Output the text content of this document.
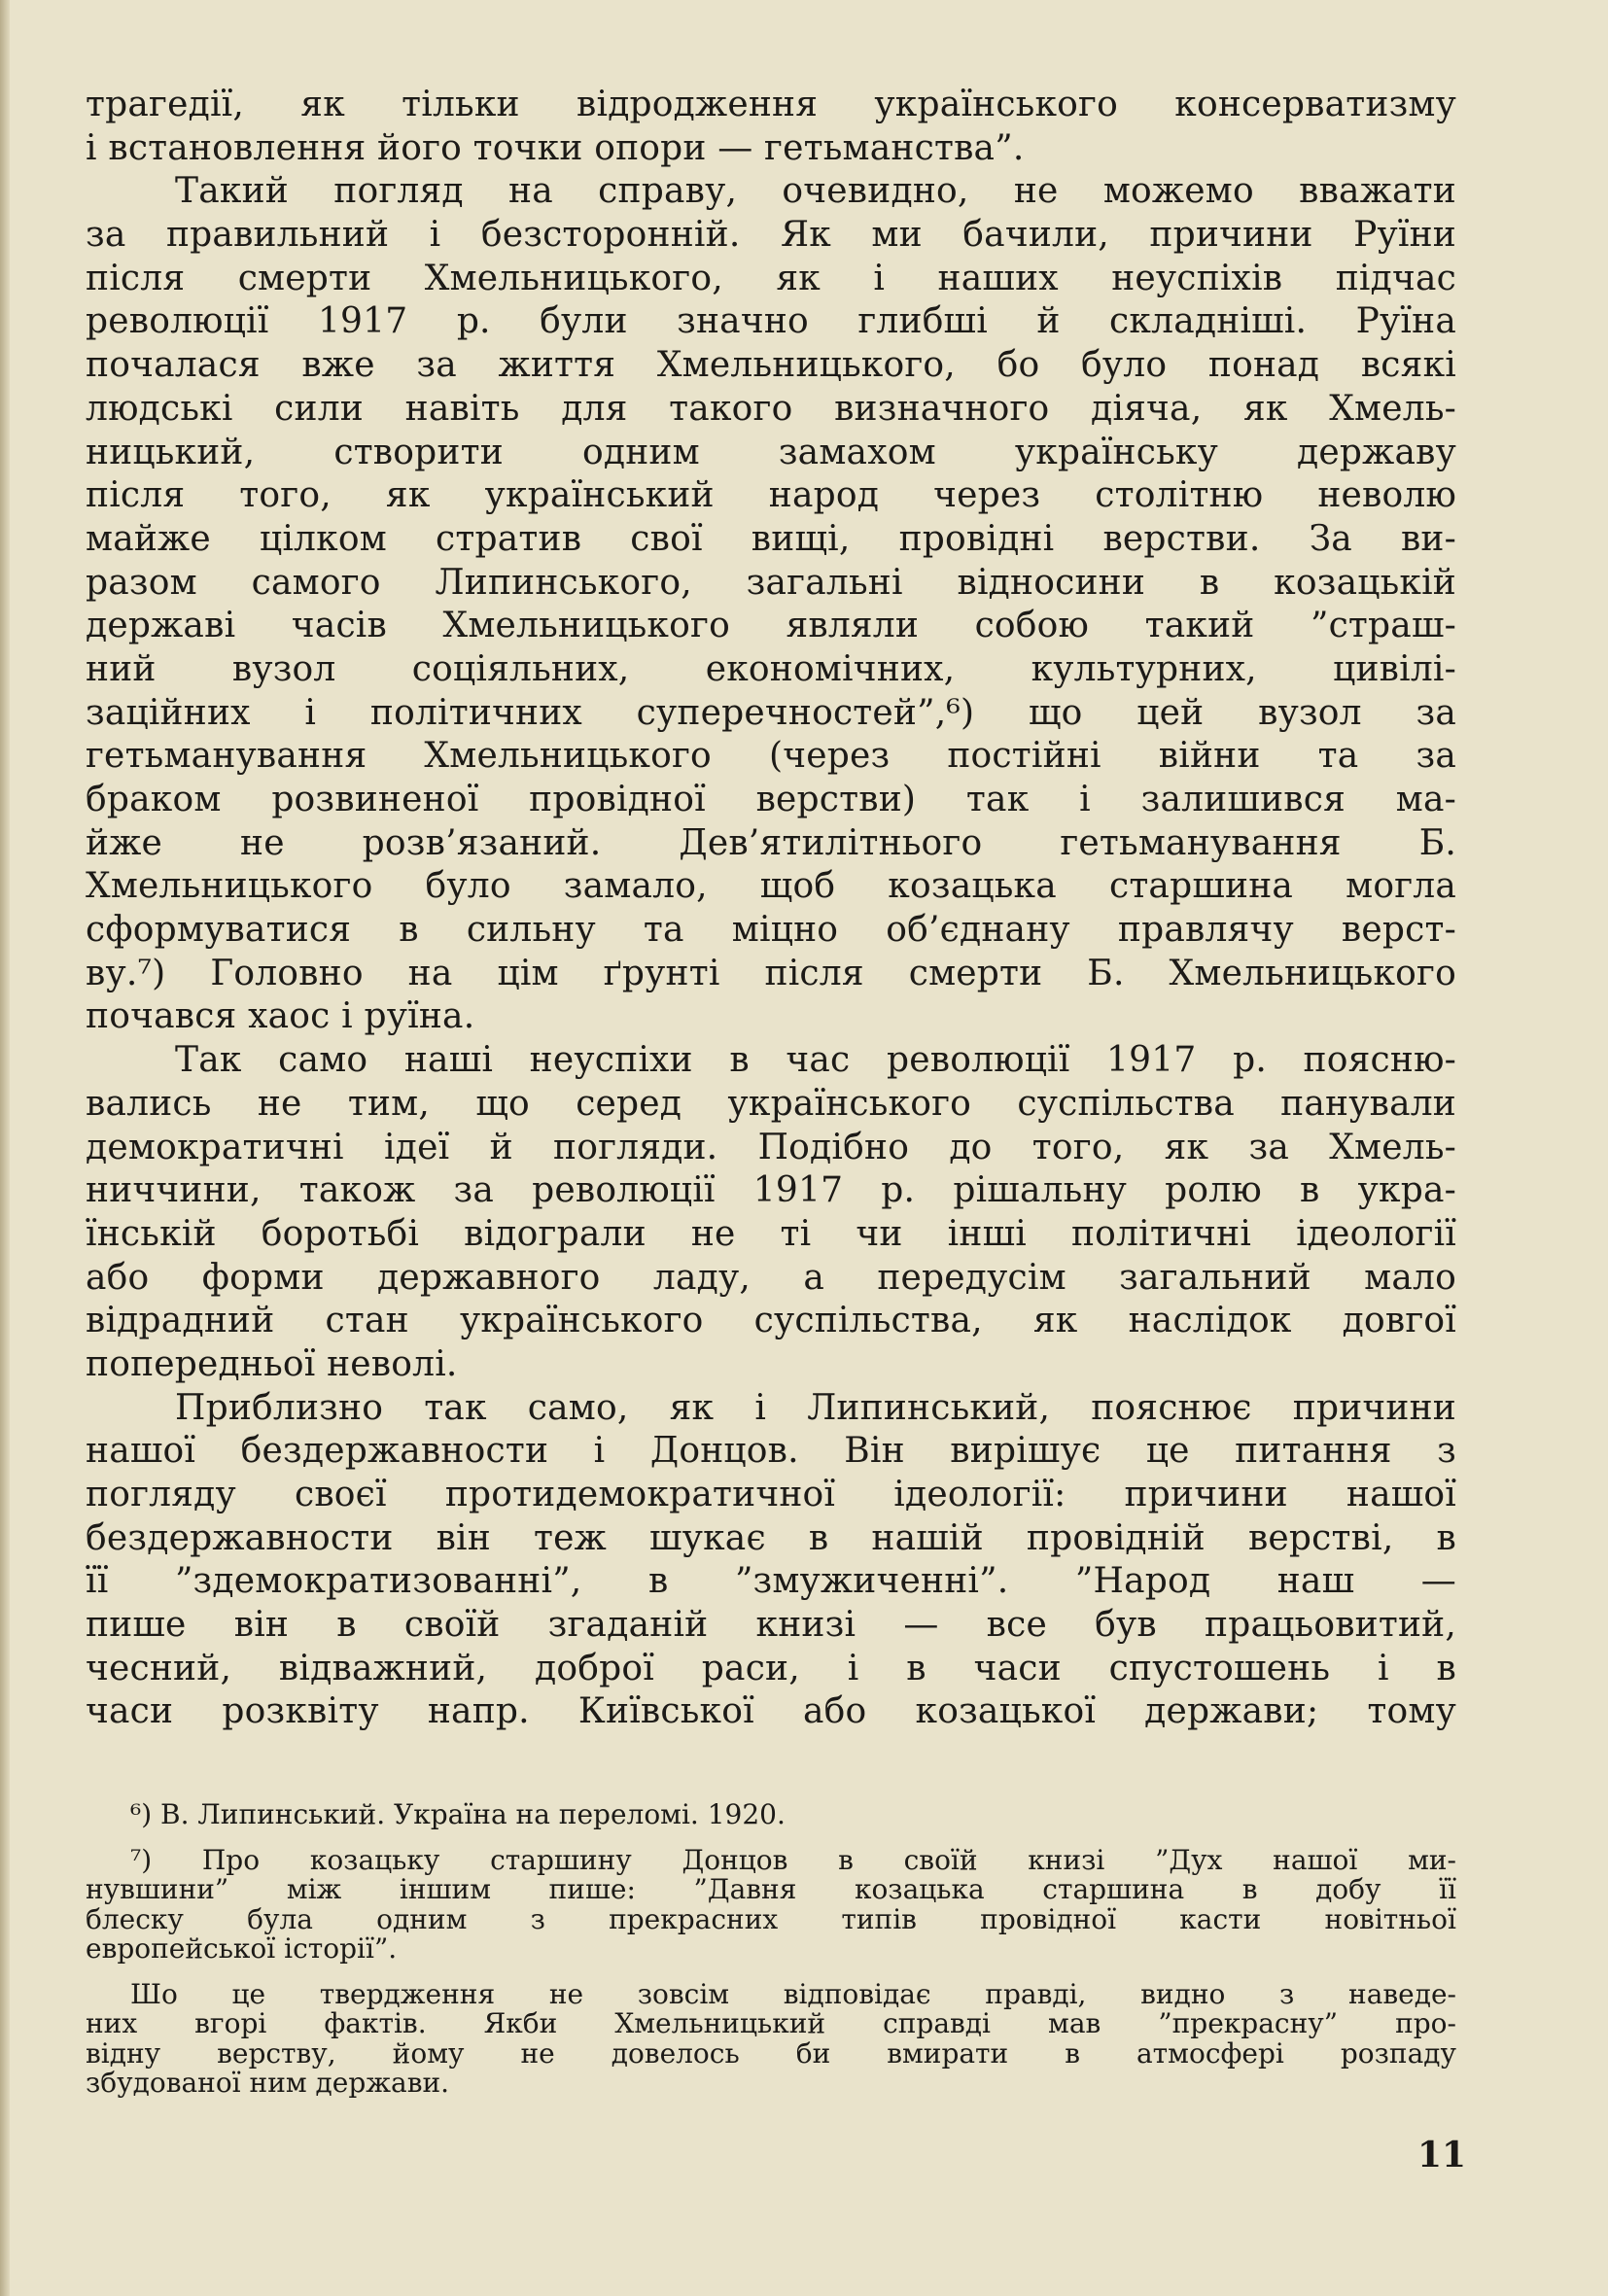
трагедії, як тільки відродження українського консерватизму
і встановлення його точки опори — гетьманства”.
Такий погляд на справу, очевидно, не можемо вважати
за правильний і безсторонній. Як ми бачили, причини Руїни
після смерти Хмельницького, як і наших неуспіхів підчас
революції 1917 р. були значно глибші й складніші. Руїна
почалася вже за життя Хмельницького, бо було понад всякі
людські сили навіть для такого визначного діяча, як Хмель-
ницький, створити одним замахом українську державу
після того, як український народ через столітню неволю
майже цілком стратив свої вищі, провідні верстви. За ви-
разом самого Липинського, загальні відносини в козацькій
державі часів Хмельницького являли собою такий ”страш-
ний вузол соціяльних, економічних, культурних, цивілі-
заційних і політичних суперечностей”,⁶) що цей вузол за
гетьманування Хмельницького (через постійні війни та за
браком розвиненої провідної верстви) так і залишився ма-
йже не розв’язаний. Дев’ятилітнього гетьманування Б.
Хмельницького було замало, щоб козацька старшина могла
сформуватися в сильну та міцно об’єднану правлячу верст-
ву.⁷) Головно на цім ґрунті після смерти Б. Хмельницького
почався хаос і руїна.
Так само наші неуспіхи в час революції 1917 р. поясню-
вались не тим, що серед українського суспільства панували
демократичні ідеї й погляди. Подібно до того, як за Хмель-
ниччини, також за революції 1917 р. рішальну ролю в укра-
їнській боротьбі відограли не ті чи інші політичні ідеології
або форми державного ладу, а передусім загальний мало
відрадний стан українського суспільства, як наслідок довгої
попередньої неволі.
Приблизно так само, як і Липинський, пояснює причини
нашої бездержавности і Донцов. Він вирішує це питання з
погляду своєї протидемократичної ідеології: причини нашої
бездержавности він теж шукає в нашій провідній верстві, в
її ”здемократизованні”, в ”змужиченні”. ”Народ наш —
пише він в своїй згаданій книзі — все був працьовитий,
чесний, відважний, доброї раси, і в часи спустошень і в
часи розквіту напр. Київської або козацької держави; тому
⁶) В. Липинський. Україна на переломі. 1920.
⁷) Про козацьку старшину Донцов в своїй книзі ”Дух нашої ми-
нувшини” між іншим пише: ”Давня козацька старшина в добу її
блеску була одним з прекрасних типів провідної касти новітньої
европейської історії”.
Шо це твердження не зовсім відповідає правді, видно з наведе-
них вгорі фактів. Якби Хмельницький справді мав ”прекрасну” про-
відну верству, йому не довелось би вмирати в атмосфері розпаду
збудованої ним держави.
11
